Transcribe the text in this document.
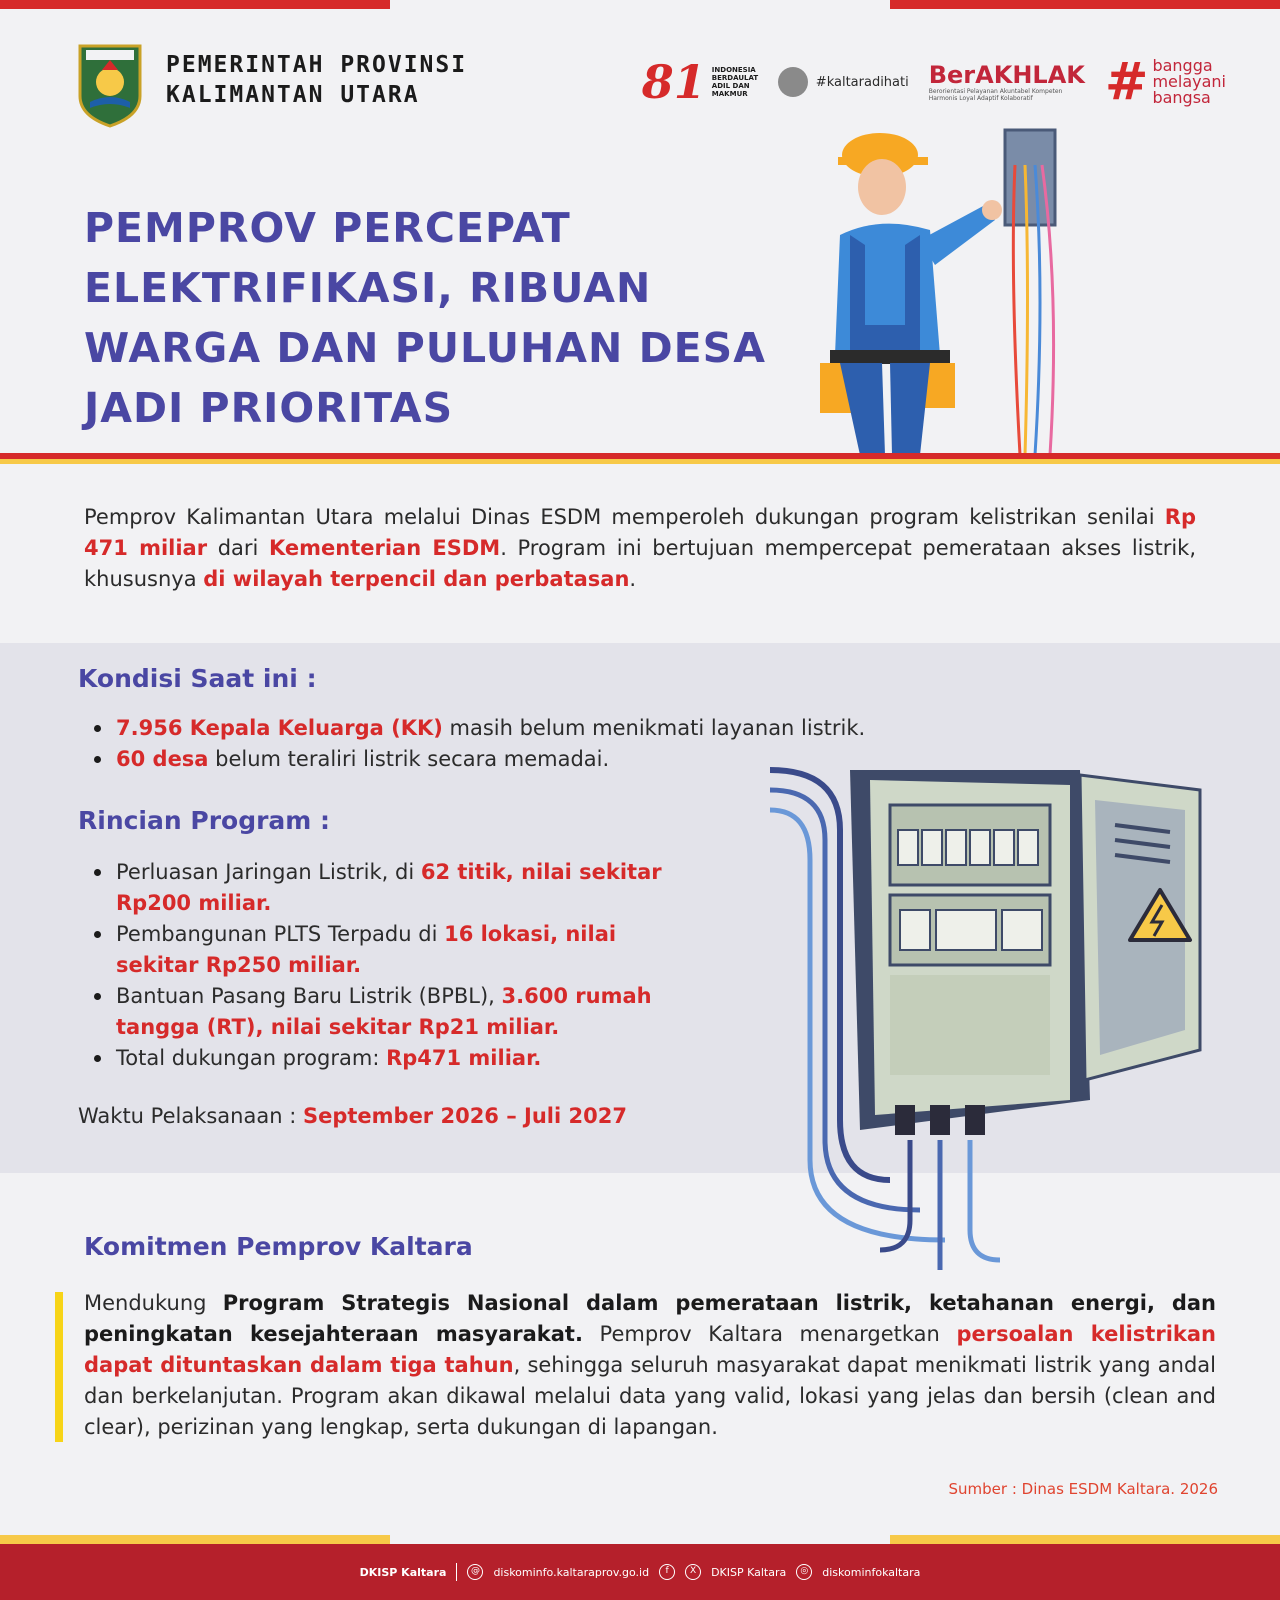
PEMERINTAH PROVINSI
KALIMANTAN UTARA	81 INDONESIA BERDAULAT ADIL DAN MAKMUR
#kaltaradihati BerAKHLAK
Berorientasi Pelayanan Akuntabel Kompeten Harmonis Loyal Adaptif Kolaboratif	# bangga
melayani
bangsa
PEMPROV PERCEPAT
ELEKTRIFIKASI, RIBUAN
WARGA DAN PULUHAN DESA
JADI PRIORITAS

Pemprov Kalimantan Utara melalui Dinas ESDM memperoleh dukungan program kelistrikan senilai Rp 471 miliar dari Kementerian ESDM. Program ini bertujuan mempercepat pemerataan akses listrik, khususnya di wilayah terpencil dan perbatasan.

Kondisi Saat ini :
7.956 Kepala Keluarga (KK) masih belum menikmati layanan listrik.
60 desa belum teraliri listrik secara memadai.
Rincian Program :
Perluasan Jaringan Listrik, di 62 titik, nilai sekitar Rp200 miliar.
Pembangunan PLTS Terpadu di 16 lokasi, nilai sekitar Rp250 miliar.
Bantuan Pasang Baru Listrik (BPBL), 3.600 rumah tangga (RT), nilai sekitar Rp21 miliar.
Total dukungan program: Rp471 miliar.
Waktu Pelaksanaan : September 2026 – Juli 2027
Komitmen Pemprov Kaltara

Mendukung Program Strategis Nasional dalam pemerataan listrik, ketahanan energi, dan peningkatan kesejahteraan masyarakat. Pemprov Kaltara menargetkan persoalan kelistrikan dapat dituntaskan dalam tiga tahun, sehingga seluruh masyarakat dapat menikmati listrik yang andal dan berkelanjutan. Program akan dikawal melalui data yang valid, lokasi yang jelas dan bersih (clean and clear), perizinan yang lengkap, serta dukungan di lapangan.

Sumber : Dinas ESDM Kaltara. 2026
DKISP Kaltara	@	diskominfo.kaltaraprov.go.id	f	X	DKISP Kaltara	◎	diskominfokaltara
